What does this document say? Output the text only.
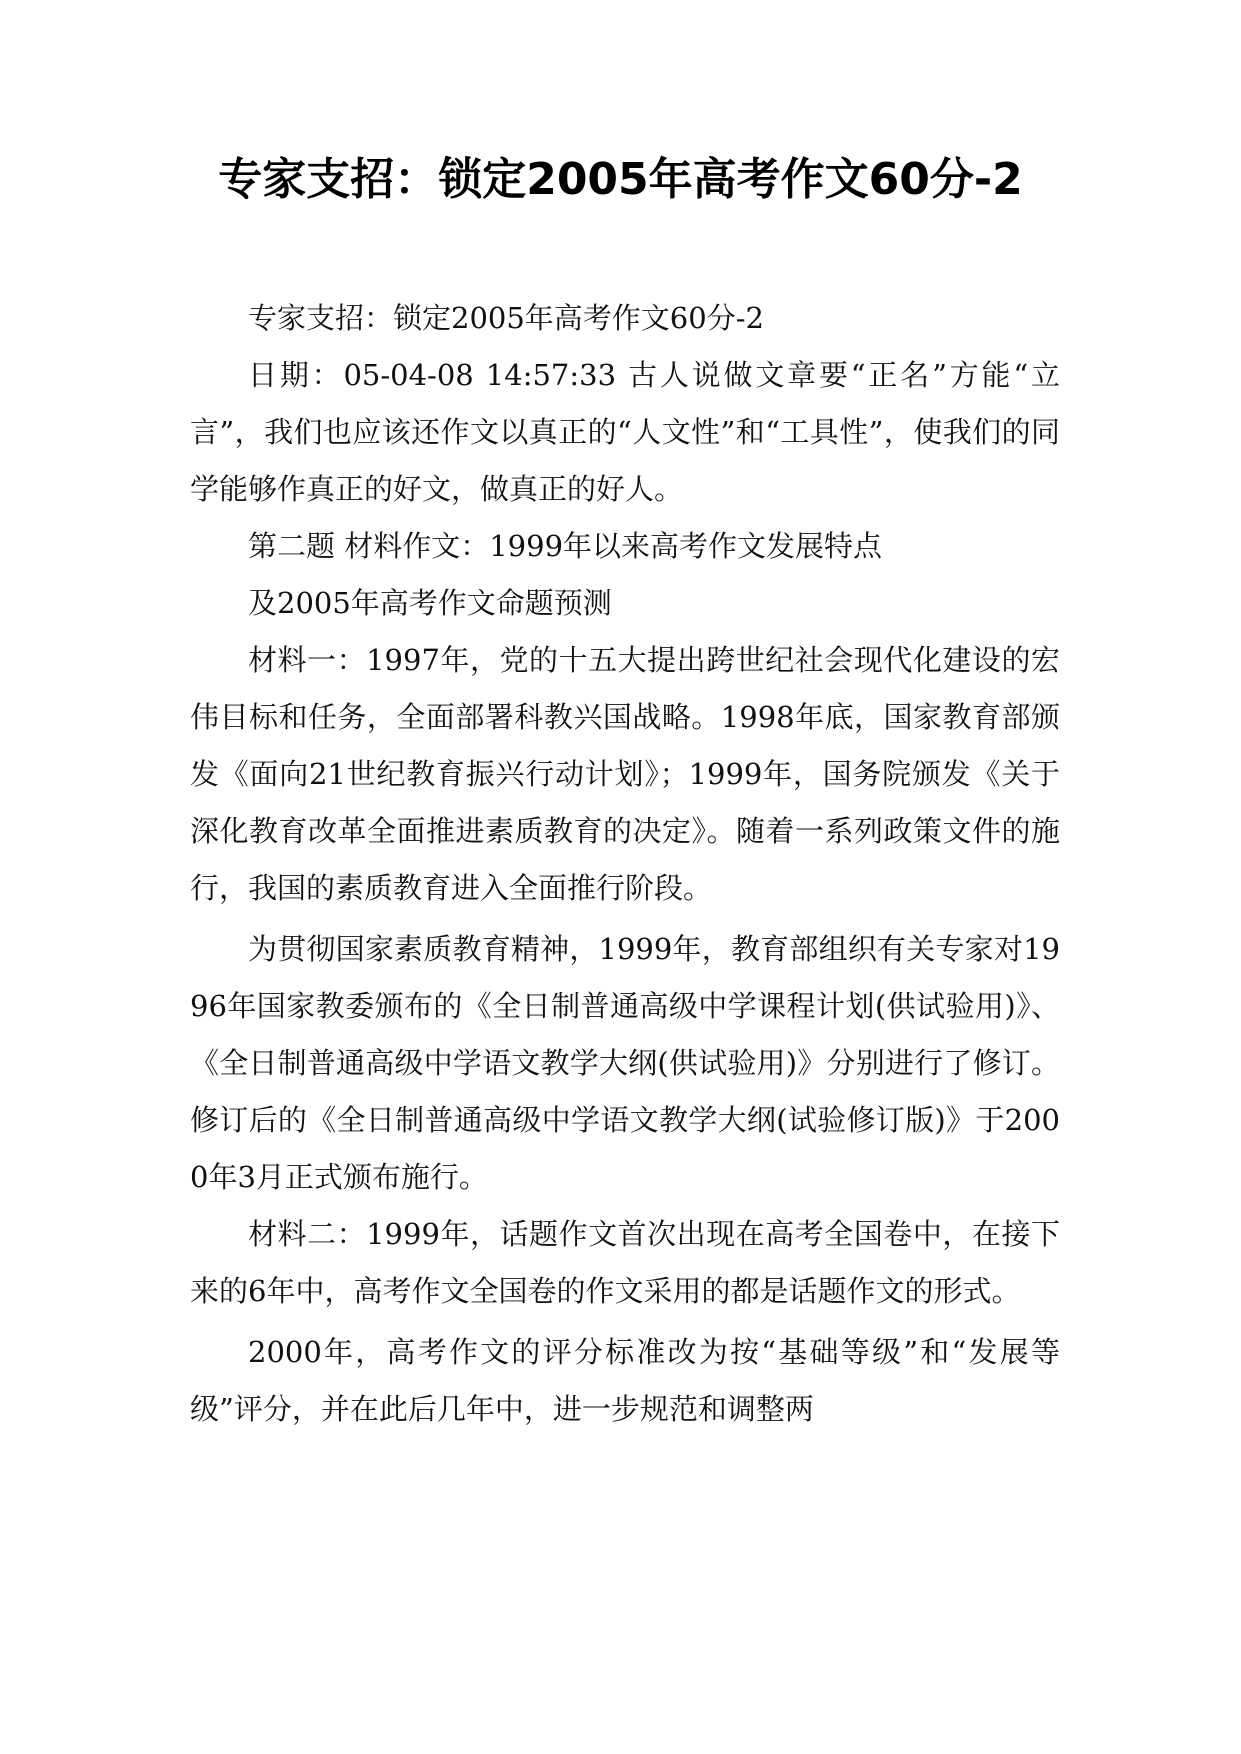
专家支招：锁定2005年高考作文60分-2

专家支招：锁定2005年高考作文60分-2

日期：05-04-08 14:57:33 古人说做文章要“正名”方能“立言”，我们也应该还作文以真正的“人文性”和“工具性”，使我们的同学能够作真正的好文，做真正的好人。

第二题 材料作文：1999年以来高考作文发展特点

及2005年高考作文命题预测

材料一：1997年，党的十五大提出跨世纪社会现代化建设的宏伟目标和任务，全面部署科教兴国战略。1998年底，国家教育部颁发《面向21世纪教育振兴行动计划》；1999年，国务院颁发《关于深化教育改革全面推进素质教育的决定》。随着一系列政策文件的施行，我国的素质教育进入全面推行阶段。

为贯彻国家素质教育精神，1999年，教育部组织有关专家对1996年国家教委颁布的《全日制普通高级中学课程计划(供试验用)》、《全日制普通高级中学语文教学大纲(供试验用)》分别进行了修订。修订后的《全日制普通高级中学语文教学大纲(试验修订版)》于2000年3月正式颁布施行。

材料二：1999年，话题作文首次出现在高考全国卷中，在接下来的6年中，高考作文全国卷的作文采用的都是话题作文的形式。

2000年，高考作文的评分标准改为按“基础等级”和“发展等级”评分，并在此后几年中，进一步规范和调整两
